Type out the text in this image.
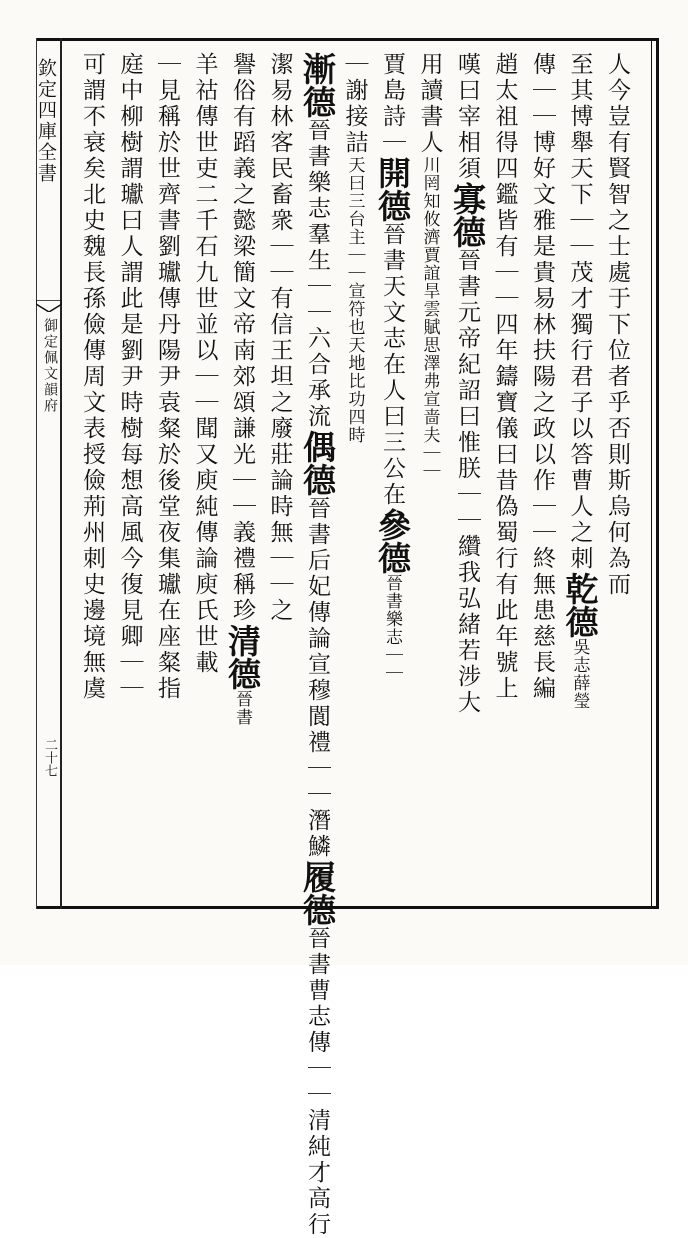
欽定四庫全書
御定佩文韻府
二十七
人今豈有賢智之士處于下位者乎否則斯烏何為而
至其博舉天下｜｜茂才獨行君子以答曹人之刺乾德吳志薛瑩
傳｜｜博好文雅是貴易林扶陽之政以作｜｜終無患慈長編
趙太祖得四鑑皆有｜｜四年鑄寶儀曰昔偽蜀行有此年號上
嘆曰宰相須寡德晉書元帝紀詔曰惟朕｜｜纘我弘緒若涉大
用讀書人川罔知攸濟賈誼旱雲賦思澤弗宣啬夫｜｜
賈島詩｜開德晉書天文志在人曰三公在參德晉書樂志｜｜
｜謝接詰天曰三台主｜｜宣符也天地比功四時
漸德晉書樂志羣生｜｜六合承流偶德晉書后妃傳論宣穆閬禮｜｜潛鱗履德晉書曹志傳｜｜清純才高行
潔易林客民畜衆｜｜有信王坦之廢莊論時無｜｜之
譽俗有蹈義之懿梁簡文帝南郊頌謙光｜｜義禮稱珍清德晉書
羊祜傳世吏二千石九世並以｜｜聞又庾純傳論庾氏世載
｜見稱於世齊書劉瓛傳丹陽尹袁粲於後堂夜集瓛在座粲指
庭中柳樹謂瓛曰人謂此是劉尹時樹每想高風今復見卿｜｜
可謂不衰矣北史魏長孫儉傳周文表授儉荊州刺史邊境無虞
